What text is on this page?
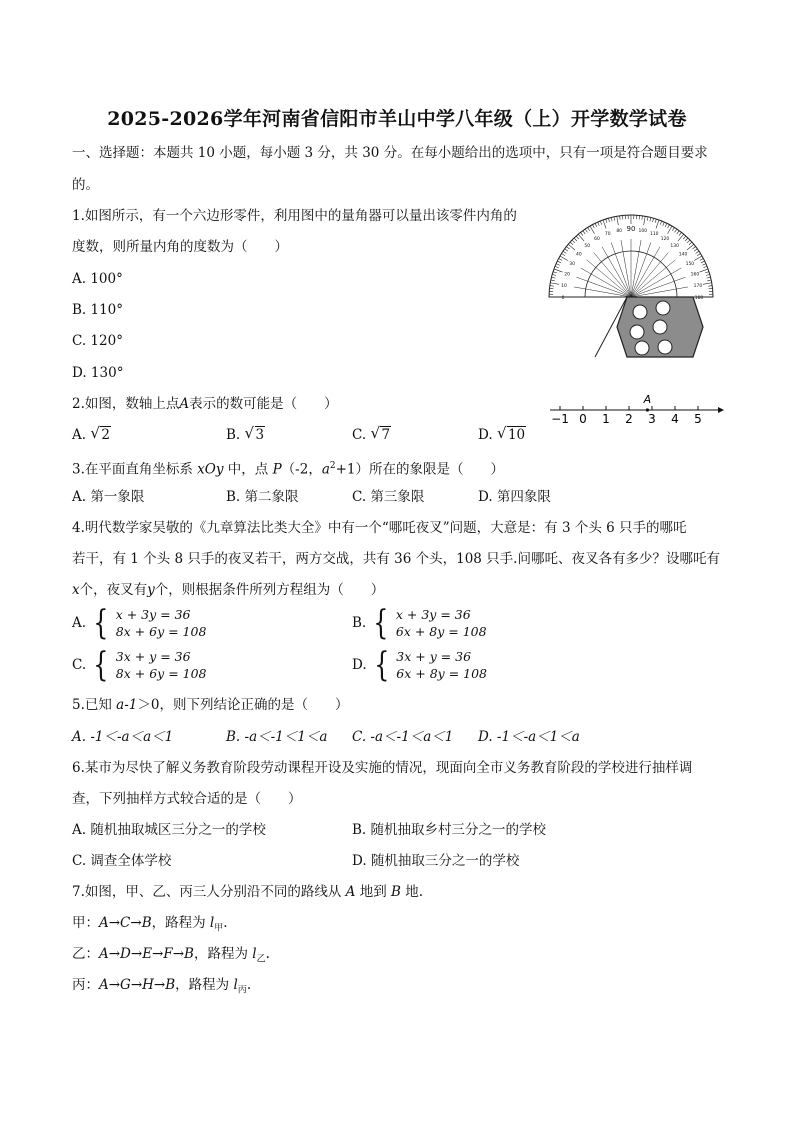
2025-2026学年河南省信阳市羊山中学八年级（上）开学数学试卷
一、选择题：本题共 10 小题，每小题 3 分，共 30 分。在每小题给出的选项中，只有一项是符合题目要求
的。
1.如图所示，有一个六边形零件，利用图中的量角器可以量出该零件内角的
度数，则所量内角的度数为（　　）
A. 100°
B. 110°
C. 120°
D. 130°
0
10
20
30
40
50
60
70
80 90 100
110
120
130
140
150
160
170
180
2.如图，数轴上点A表示的数可能是（　　）
A. √ 2	B. √ 3	C. √ 7	D. √ 10
−1 0 1 2 3 4 5
A
3.在平面直角坐标系 xOy 中，点 P（-2，$a^2+1$）所在的象限是（　　）
A. 第一象限	B. 第二象限	C. 第三象限	D. 第四象限
4.明代数学家吴敬的《九章算法比类大全》中有一个“哪吒夜叉”问题，大意是：有 3 个头 6 只手的哪吒
若干，有 1 个头 8 只手的夜叉若干，两方交战，共有 36 个头，108 只手.问哪吒、夜叉各有多少？设哪吒有
x个，夜叉有y个，则根据条件所列方程组为（　　）
A. { x + 3y = 36
8x + 6y = 108
B. { x + 3y = 36
6x + 8y = 108
C. { 3x + y = 36
8x + 6y = 108
D. { 3x + y = 36
6x + 8y = 108
5.已知 a-1＞0，则下列结论正确的是（　　）
A. -1＜-a＜a＜1	B. -a＜-1＜1＜a C. -a＜-1＜a＜1 D. -1＜-a＜1＜a
6.某市为尽快了解义务教育阶段劳动课程开设及实施的情况，现面向全市义务教育阶段的学校进行抽样调
查，下列抽样方式较合适的是（　　）
A. 随机抽取城区三分之一的学校	B. 随机抽取乡村三分之一的学校
C. 调查全体学校	D. 随机抽取三分之一的学校
7.如图，甲、乙、丙三人分别沿不同的路线从 A 地到 B 地.
甲：A→C→B，路程为 $l_甲$.
乙：A→D→E→F→B，路程为 $l_乙$.
丙：A→G→H→B，路程为 $l_丙$.
